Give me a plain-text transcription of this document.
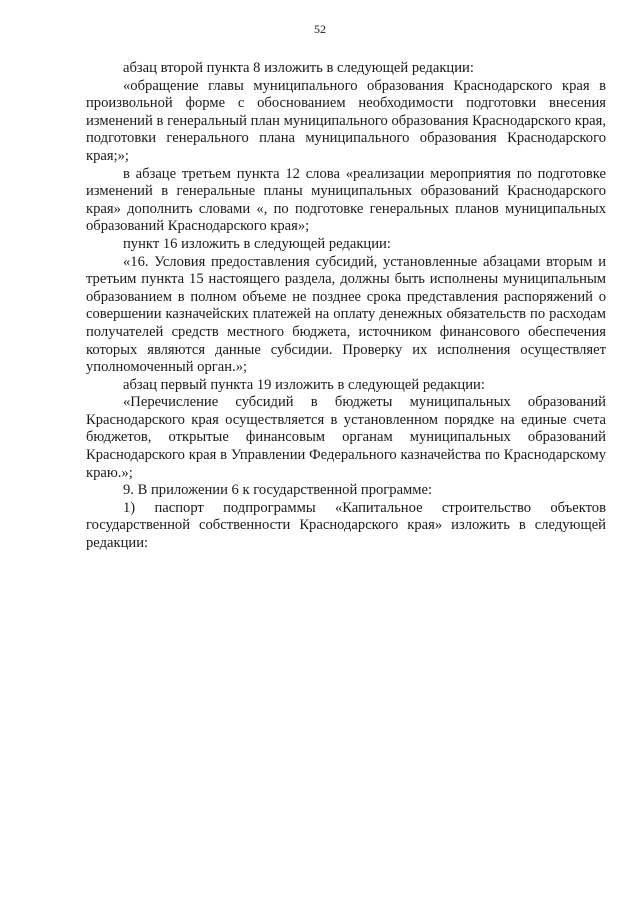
52

абзац второй пункта 8 изложить в следующей редакции:

«обращение главы муниципального образования Краснодарского края в произвольной форме с обоснованием необходимости подготовки внесения изменений в генеральный план муниципального образования Краснодарского края, подготовки генерального плана муниципального образования Краснодарского края;»;

в абзаце третьем пункта 12 слова «реализации мероприятия по подготовке изменений в генеральные планы муниципальных образований Краснодарского края» дополнить словами «, по подготовке генеральных планов муниципальных образований Краснодарского края»;

пункт 16 изложить в следующей редакции:

«16. Условия предоставления субсидий, установленные абзацами вторым и третьим пункта 15 настоящего раздела, должны быть исполнены муниципальным образованием в полном объеме не позднее срока представления распоряжений о совершении казначейских платежей на оплату денежных обязательств по расходам получателей средств местного бюджета, источником финансового обеспечения которых являются данные субсидии. Проверку их исполнения осуществляет уполномоченный орган.»;

абзац первый пункта 19 изложить в следующей редакции:

«Перечисление субсидий в бюджеты муниципальных образований Краснодарского края осуществляется в установленном порядке на единые счета бюджетов, открытые финансовым органам муниципальных образований Краснодарского края в Управлении Федерального казначейства по Краснодарскому краю.»;

9. В приложении 6 к государственной программе:

1) паспорт подпрограммы «Капитальное строительство объектов государственной собственности Краснодарского края» изложить в следующей редакции:
